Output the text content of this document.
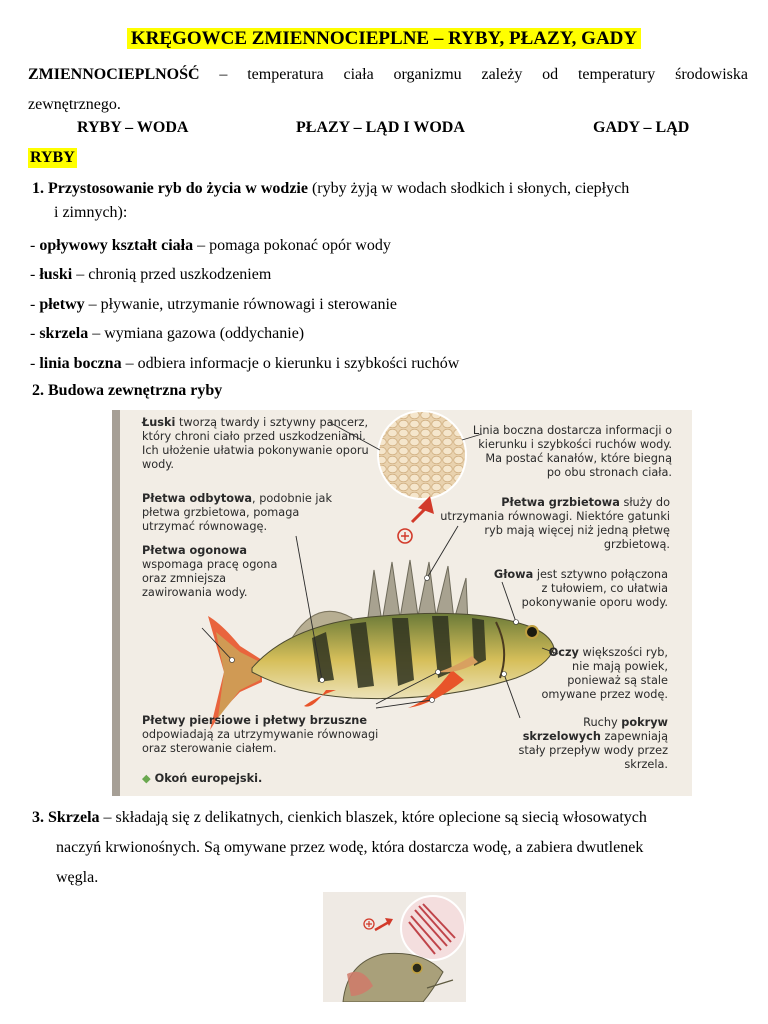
KRĘGOWCE ZMIENNOCIEPLNE – RYBY, PŁAZY, GADY
ZMIENNOCIEPLNOŚĆ – temperatura ciała organizmu zależy od temperatury środowiska
zewnętrznego.
RYBY – WODA	PŁAZY – LĄD I WODA	GADY – LĄD
RYBY
1. Przystosowanie ryb do życia w wodzie (ryby żyją w wodach słodkich i słonych, ciepłych
i zimnych):
- opływowy kształt ciała – pomaga pokonać opór wody
- łuski – chronią przed uszkodzeniem
- płetwy – pływanie, utrzymanie równowagi i sterowanie
- skrzela – wymiana gazowa (oddychanie)
- linia boczna – odbiera informacje o kierunku i szybkości ruchów
2. Budowa zewnętrzna ryby
Łuski tworzą twardy i sztywny pancerz, który chroni ciało przed uszkodzeniami. Ich ułożenie ułatwia pokonywanie oporu wody.
Linia boczna dostarcza informacji o kierunku i szybkości ruchów wody. Ma postać kanałów, które biegną po obu stronach ciała.
Płetwa odbytowa, podobnie jak płetwa grzbietowa, pomaga utrzymać równowagę.
Płetwa grzbietowa służy do utrzymania równowagi. Niektóre gatunki ryb mają więcej niż jedną płetwę grzbietową.
Płetwa ogonowa wspomaga pracę ogona oraz zmniejsza zawirowania wody.
Głowa jest sztywno połączona z tułowiem, co ułatwia pokonywanie oporu wody.
Oczy większości ryb, nie mają powiek, ponieważ są stale omywane przez wodę.
Płetwy piersiowe i płetwy brzuszne odpowiadają za utrzymywanie równowagi oraz sterowanie ciałem.
Ruchy pokryw skrzelowych zapewniają stały przepływ wody przez skrzela.
◆ Okoń europejski.
3. Skrzela – składają się z delikatnych, cienkich blaszek, które oplecione są siecią włosowatych
naczyń krwionośnych. Są omywane przez wodę, która dostarcza wodę, a zabiera dwutlenek
węgla.
